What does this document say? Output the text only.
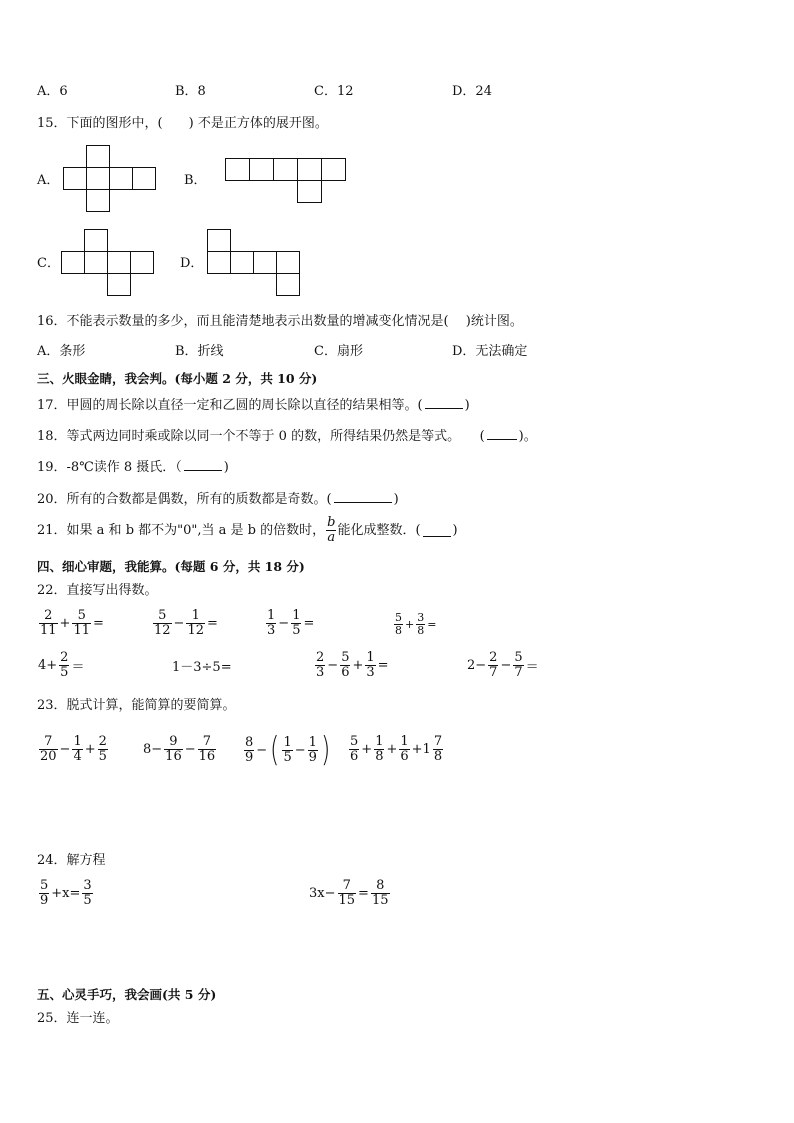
A．6	B．8	C．12	D．24
15．下面的图形中，(　　) 不是正方体的展开图。
A．	B．
C．	D．
16．不能表示数量的多少，而且能清楚地表示出数量的增减变化情况是(　 )统计图。
A．条形	B．折线	C．扇形	D．无法确定
三、火眼金睛，我会判。(每小题 2 分，共 10 分)
17．甲圆的周长除以直径一定和乙圆的周长除以直径的结果相等。(	)
18．等式两边同时乘或除以同一个不等于 0 的数，所得结果仍然是等式。　　(	)。
19．-8℃读作 8 摄氏．（	)
20．所有的合数都是偶数，所有的质数都是奇数。(	)
21．如果 a 和 b 都不为"0",当 a 是 b 的倍数时， $\frac{b}{a}$ 能化成整数．( )
四、细心审题，我能算。(每题 6 分，共 18 分)
22．直接写出得数。
$\frac{2}{11} + \frac{5}{11}$ =	$\frac{5}{12} - \frac{1}{12}$ =	$\frac{1}{3} - \frac{1}{5}$ =	$\frac{5}{8} + \frac{3}{8}$ =
$4+ \frac{2}{5}$ ＝	1－3÷5=	$\frac{2}{3} - \frac{5}{6} + \frac{1}{3}$ =	$2- \frac{2}{7} - \frac{5}{7}$ ＝
23．脱式计算，能简算的要简算。
$\frac{7}{20} - \frac{1}{4} + \frac{2}{5}$	$8- \frac{9}{16} - \frac{7}{16} \frac{8}{9}$ − ( $\frac{1}{5} - \frac{1}{9}$ ) $\frac{5}{6} + \frac{1}{8} + \frac{1}{6} +1 \frac{7}{8}$
24．解方程
$\frac{5}{9} +x= \frac{3}{5}$	$3x- \frac{7}{15} = \frac{8}{15}$
五、心灵手巧，我会画(共 5 分)
25．连一连。
